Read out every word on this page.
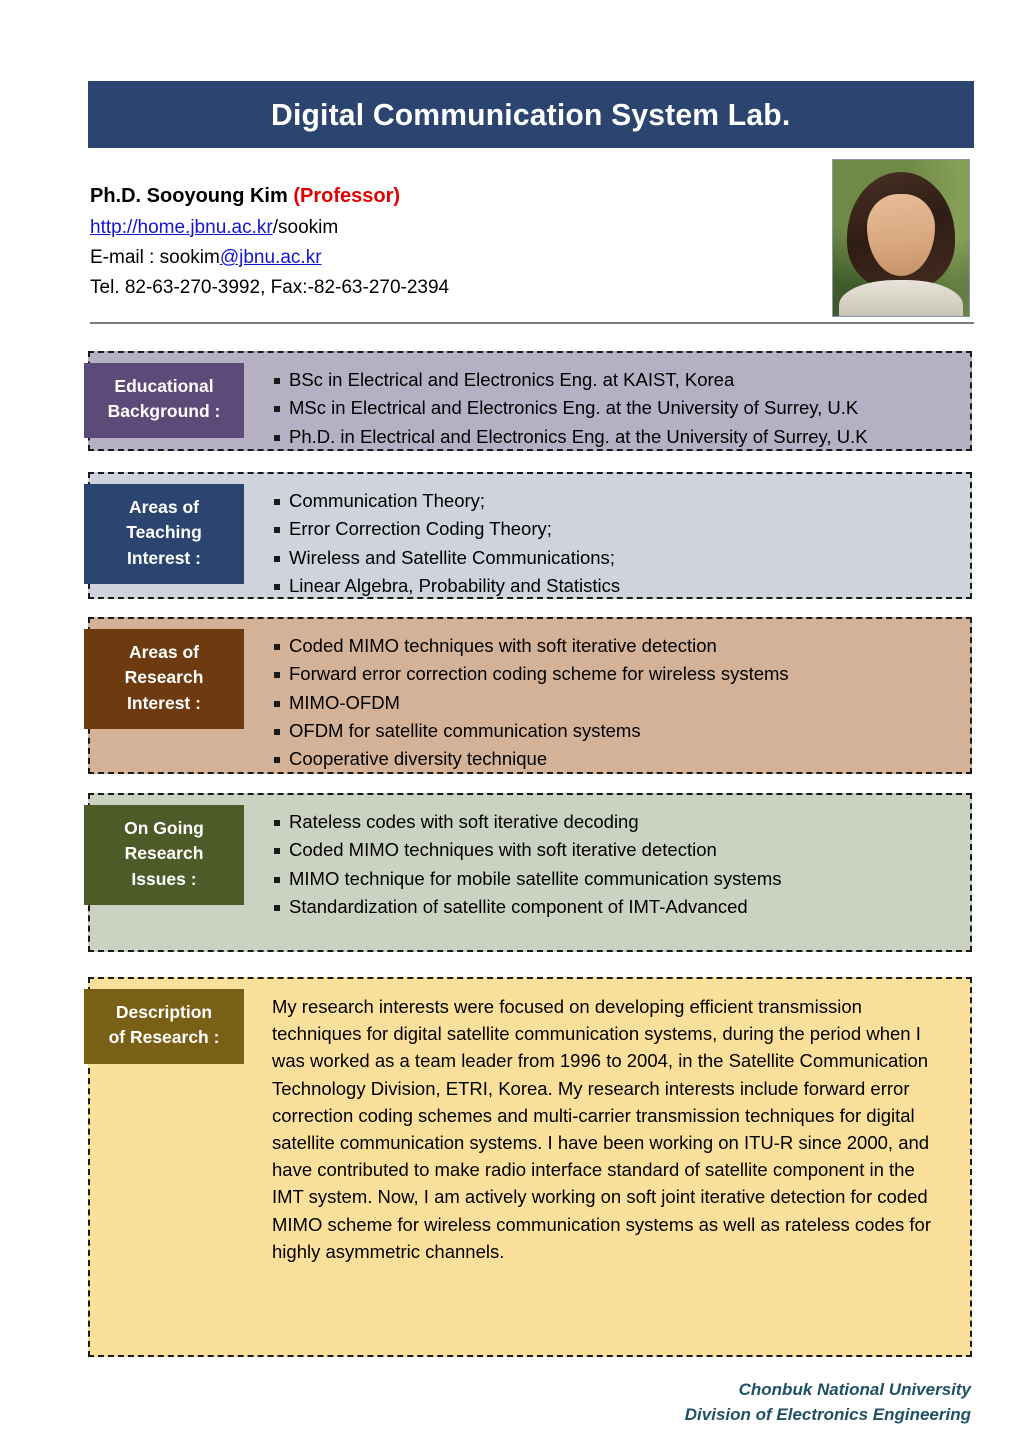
Digital Communication System Lab.
Ph.D. Sooyoung Kim (Professor)
http://home.jbnu.ac.kr/sookim
E-mail : sookim@jbnu.ac.kr
Tel. 82-63-270-3992, Fax:-82-63-270-2394
Educational
Background :
BSc in Electrical and Electronics Eng. at KAIST, Korea
MSc in Electrical and Electronics Eng. at the University of Surrey, U.K
Ph.D. in Electrical and Electronics Eng. at the University of Surrey, U.K
Areas of
Teaching
Interest :
Communication Theory;
Error Correction Coding Theory;
Wireless and Satellite Communications;
Linear Algebra, Probability and Statistics
Areas of
Research
Interest :
Coded MIMO techniques with soft iterative detection
Forward error correction coding scheme for wireless systems
MIMO-OFDM
OFDM for satellite communication systems
Cooperative diversity technique
On Going
Research
Issues :
Rateless codes with soft iterative decoding
Coded MIMO techniques with soft iterative detection
MIMO technique for mobile satellite communication systems
Standardization of satellite component of IMT-Advanced
Description
of Research :

My research interests were focused on developing efficient transmission techniques for digital satellite communication systems, during the period when I was worked as a team leader from 1996 to 2004, in the Satellite Communication Technology Division, ETRI, Korea. My research interests include forward error correction coding schemes and multi-carrier transmission techniques for digital satellite communication systems. I have been working on ITU-R since 2000, and have contributed to make radio interface standard of satellite component in the IMT system. Now, I am actively working on soft joint iterative detection for coded MIMO scheme for wireless communication systems as well as rateless codes for highly asymmetric channels.

Chonbuk National University
Division of Electronics Engineering
